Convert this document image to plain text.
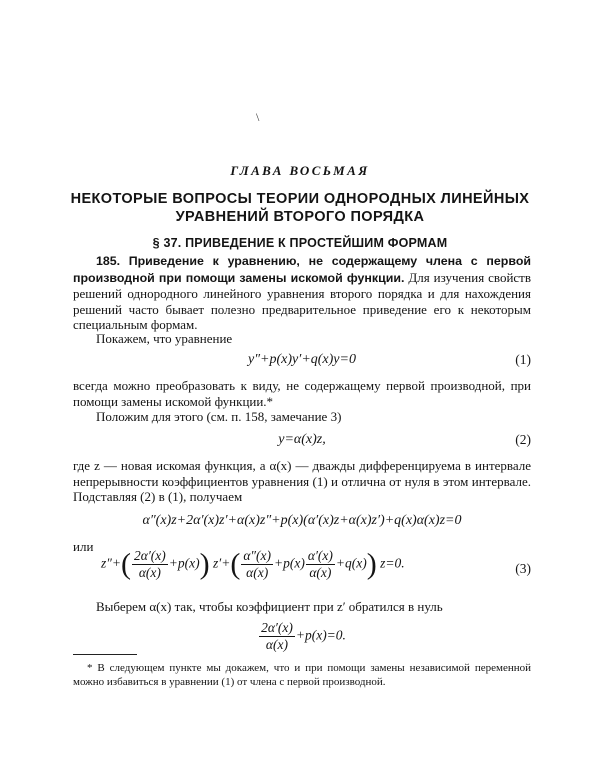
\
ГЛАВА ВОСЬМАЯ
НЕКОТОРЫЕ ВОПРОСЫ ТЕОРИИ ОДНОРОДНЫХ ЛИНЕЙНЫХ
УРАВНЕНИЙ ВТОРОГО ПОРЯДКА
§ 37. ПРИВЕДЕНИЕ К ПРОСТЕЙШИМ ФОРМАМ
185. Приведение к уравнению, не содержащему члена с первой производной при помощи замены искомой функции. Для изучения свойств решений однородного линейного уравнения второго порядка и для нахождения решений часто бывает полезно предварительное приведение его к некоторым специальным формам.
Покажем, что уравнение
y″+p(x)y′+q(x)y=0	(1)
всегда можно преобразовать к виду, не содержащему первой производной, при помощи замены искомой функции.*
Положим для этого (см. п. 158, замечание 3)
y=α(x)z,	(2)
где z — новая искомая функция, а α(x) — дважды дифференцируема в интервале непрерывности коэффициентов уравнения (1) и отлична от нуля в этом интервале. Подставляя (2) в (1), получаем
α″(x)z+2α′(x)z′+α(x)z″+p(x)(α′(x)z+α(x)z′)+q(x)α(x)z=0
или
$z''+( \frac{2\alpha'(x)}{\alpha(x)} +p(x))$ $z'+( \frac{\alpha''(x)}{\alpha(x)} +p(x) \frac{\alpha'(x)}{\alpha(x)} +q(x))$ z=0.	(3)
Выберем α(x) так, чтобы коэффициент при z′ обратился в нуль
$\frac{2\alpha'(x)}{\alpha(x)} +p(x)=0$.
* В следующем пункте мы докажем, что и при помощи замены независимой переменной можно избавиться в уравнении (1) от члена с первой производной.
